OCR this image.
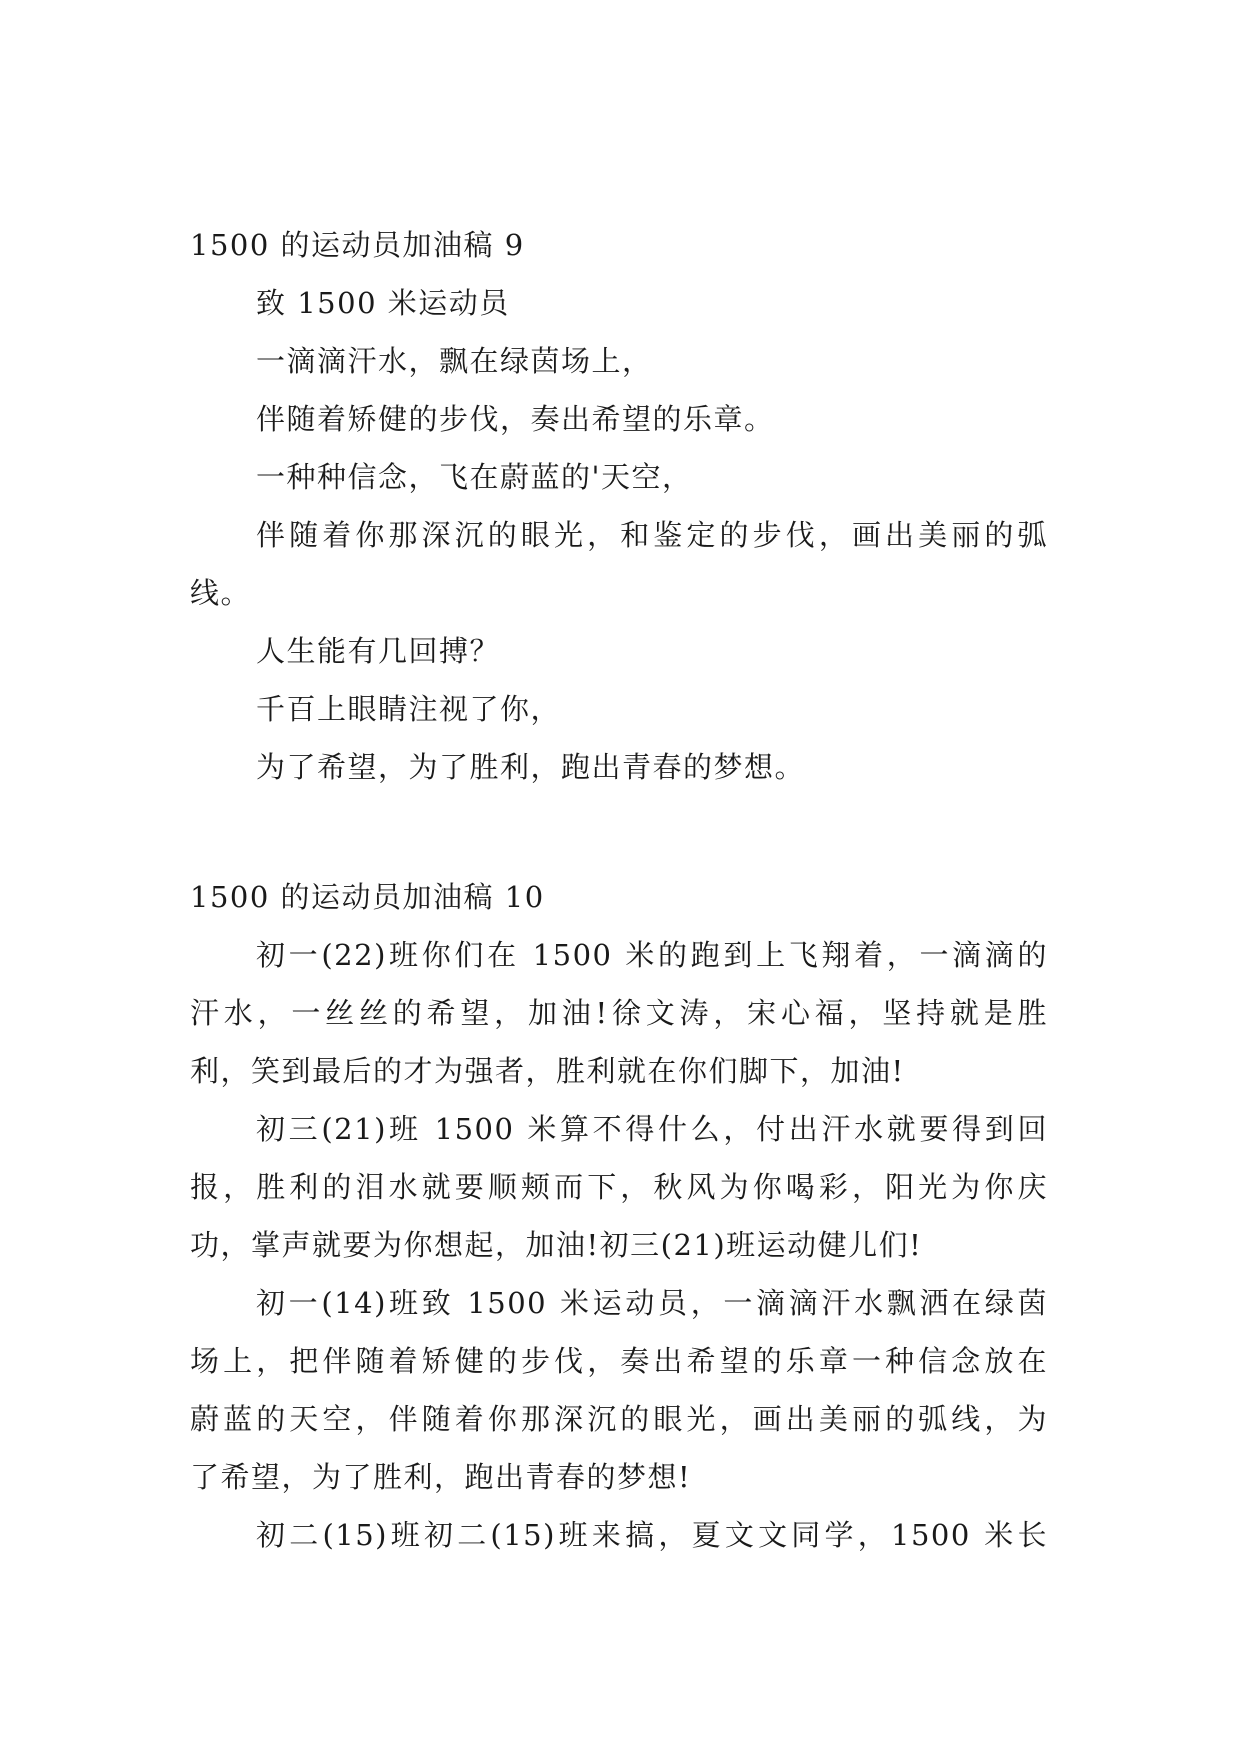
1500 的运动员加油稿 9
致 1500 米运动员
一滴滴汗水，飘在绿茵场上，
伴随着矫健的步伐，奏出希望的乐章。
一种种信念，飞在蔚蓝的'天空，
伴随着你那深沉的眼光，和鉴定的步伐，画出美丽的弧
线。
人生能有几回搏？
千百上眼睛注视了你，
为了希望，为了胜利，跑出青春的梦想。
1500 的运动员加油稿 10
初一(22)班你们在 1500 米的跑到上飞翔着，一滴滴的
汗水，一丝丝的希望，加油!徐文涛，宋心福，坚持就是胜
利，笑到最后的才为强者，胜利就在你们脚下，加油!
初三(21)班 1500 米算不得什么，付出汗水就要得到回
报，胜利的泪水就要顺颊而下，秋风为你喝彩，阳光为你庆
功，掌声就要为你想起，加油!初三(21)班运动健儿们!
初一(14)班致 1500 米运动员，一滴滴汗水飘洒在绿茵
场上，把伴随着矫健的步伐，奏出希望的乐章一种信念放在
蔚蓝的天空，伴随着你那深沉的眼光，画出美丽的弧线，为
了希望，为了胜利，跑出青春的梦想!
初二(15)班初二(15)班来搞，夏文文同学，1500 米长
